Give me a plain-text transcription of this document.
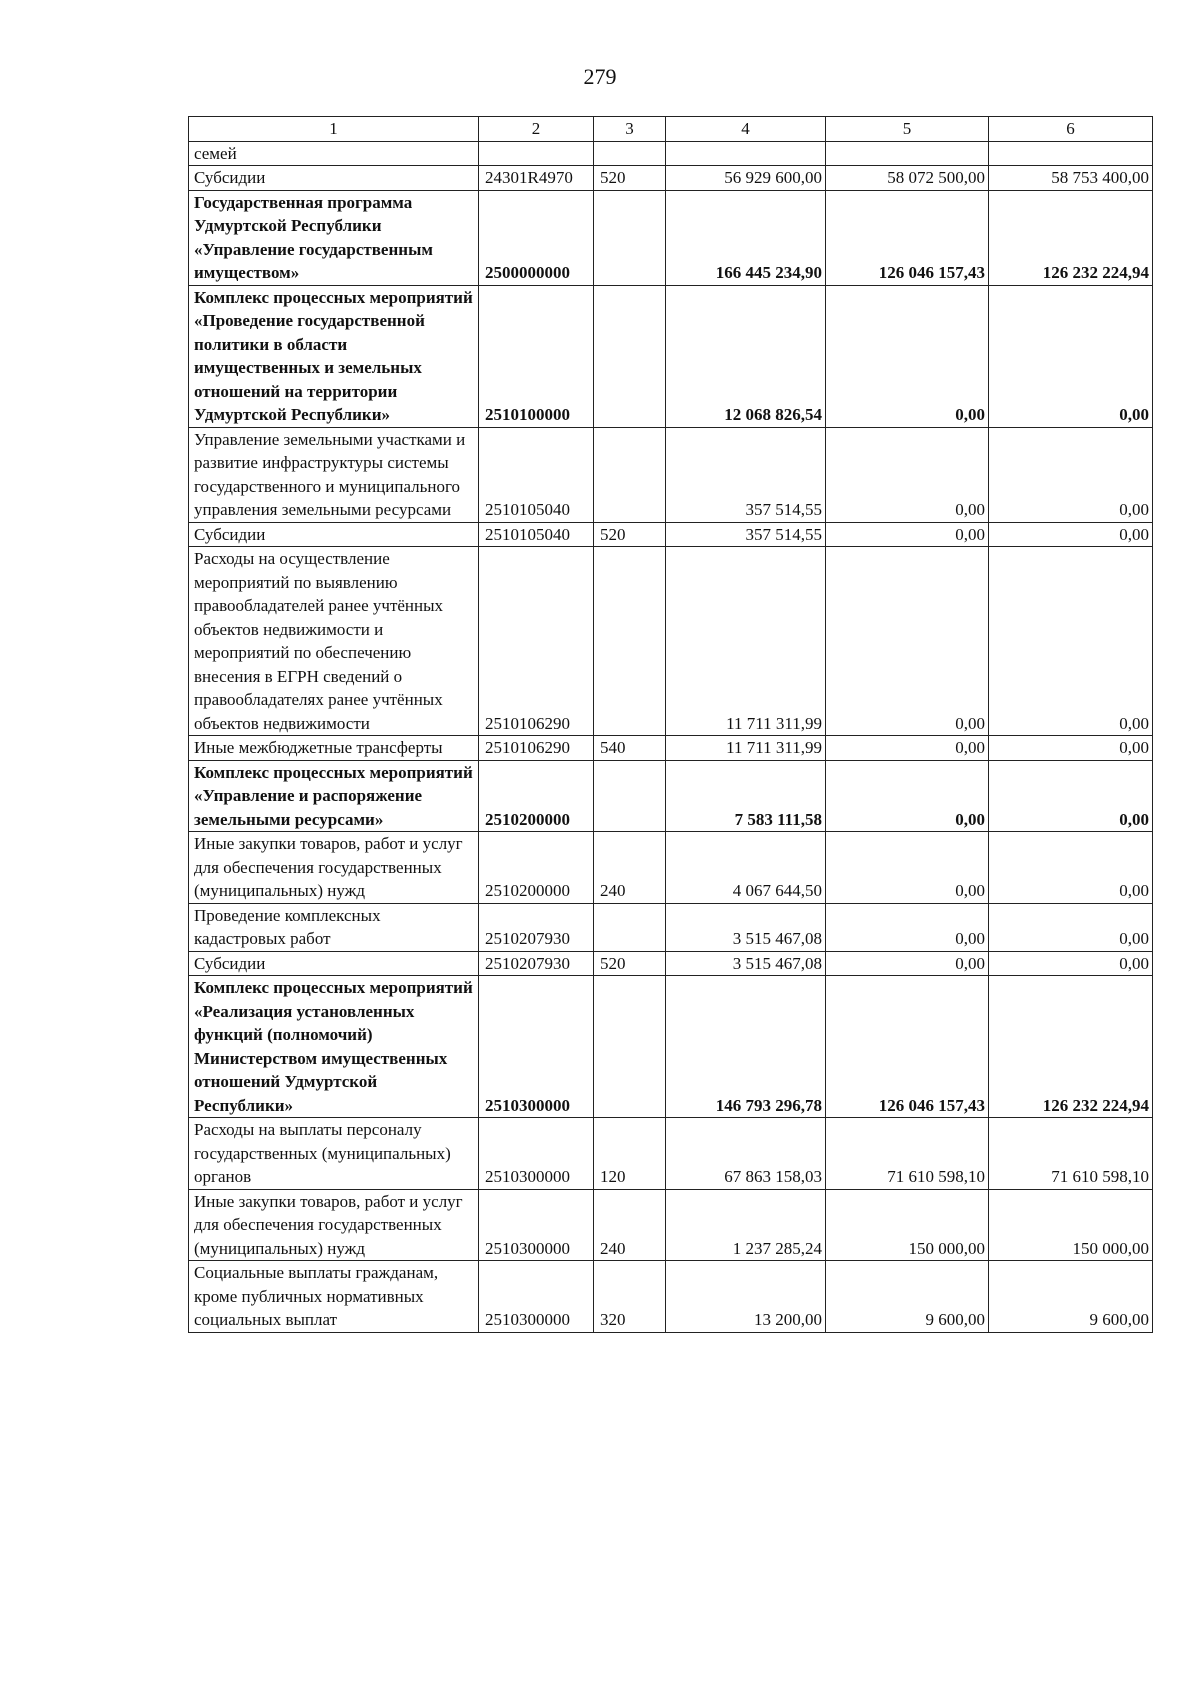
279
1	2	3	4	5	6
семей					
Субсидии	24301R4970	520	56 929 600,00	58 072 500,00	58 753 400,00
Государственная программа Удмуртской Республики «Управление государственным имуществом»	2500000000		166 445 234,90	126 046 157,43	126 232 224,94
Комплекс процессных мероприятий «Проведение государственной политики в области имущественных и земельных отношений на территории Удмуртской Республики»	2510100000		12 068 826,54	0,00	0,00
Управление земельными участками и развитие инфраструктуры системы государственного и муниципального управления земельными ресурсами	2510105040		357 514,55	0,00	0,00
Субсидии	2510105040	520	357 514,55	0,00	0,00
Расходы на осуществление мероприятий по выявлению правообладателей ранее учтённых объектов недвижимости и мероприятий по обеспечению внесения в ЕГРН сведений о правообладателях ранее учтённых объектов недвижимости	2510106290		11 711 311,99	0,00	0,00
Иные межбюджетные трансферты	2510106290	540	11 711 311,99	0,00	0,00
Комплекс процессных мероприятий «Управление и распоряжение земельными ресурсами»	2510200000		7 583 111,58	0,00	0,00
Иные закупки товаров, работ и услуг для обеспечения государственных (муниципальных) нужд	2510200000	240	4 067 644,50	0,00	0,00
Проведение комплексных кадастровых работ	2510207930		3 515 467,08	0,00	0,00
Субсидии	2510207930	520	3 515 467,08	0,00	0,00
Комплекс процессных мероприятий «Реализация установленных функций (полномочий) Министерством имущественных отношений Удмуртской Республики»	2510300000		146 793 296,78	126 046 157,43	126 232 224,94
Расходы на выплаты персоналу государственных (муниципальных) органов	2510300000	120	67 863 158,03	71 610 598,10	71 610 598,10
Иные закупки товаров, работ и услуг для обеспечения государственных (муниципальных) нужд	2510300000	240	1 237 285,24	150 000,00	150 000,00
Социальные выплаты гражданам, кроме публичных нормативных социальных выплат	2510300000	320	13 200,00	9 600,00	9 600,00
